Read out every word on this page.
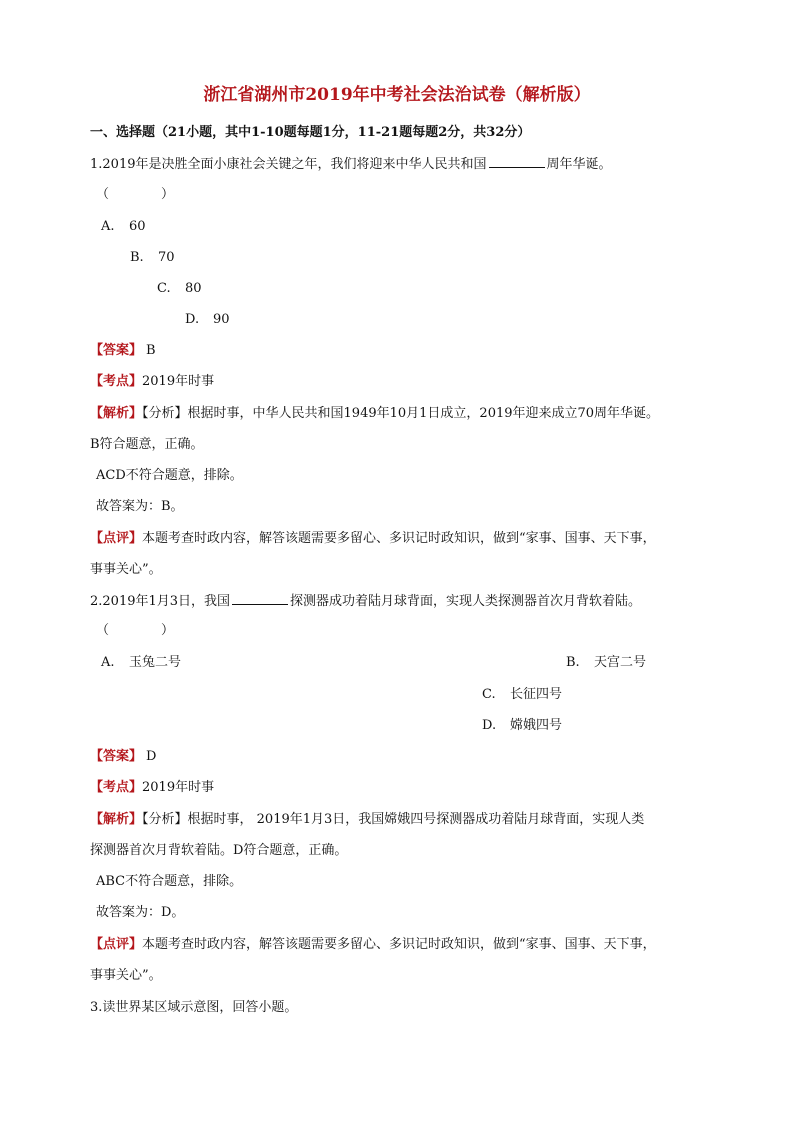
浙江省湖州市2019年中考社会法治试卷（解析版）
一、选择题（21小题，其中1-10题每题1分，11-21题每题2分，共32分）
1.2019年是决胜全面小康社会关键之年，我们将迎来中华人民共和国	周年华诞。
（　　　　）
A. 60
B. 70
C. 80
D. 90
【答案】 B
【考点】2019年时事
【解析】【分析】根据时事，中华人民共和国1949年10月1日成立，2019年迎来成立70周年华诞。
B符合题意，正确。
ACD不符合题意，排除。
故答案为：B。
【点评】本题考查时政内容，解答该题需要多留心、多识记时政知识，做到“家事、国事、天下事，
事事关心”。
2.2019年1月3日，我国	探测器成功着陆月球背面，实现人类探测器首次月背软着陆。
（　　　　）
A. 玉兔二号	B. 天宫二号
C. 长征四号
D. 嫦娥四号
【答案】 D
【考点】2019年时事
【解析】【分析】根据时事， 2019年1月3日，我国嫦娥四号探测器成功着陆月球背面，实现人类
探测器首次月背软着陆。D符合题意，正确。
ABC不符合题意，排除。
故答案为：D。
【点评】本题考查时政内容，解答该题需要多留心、多识记时政知识，做到“家事、国事、天下事，
事事关心”。
3.读世界某区域示意图，回答小题。
